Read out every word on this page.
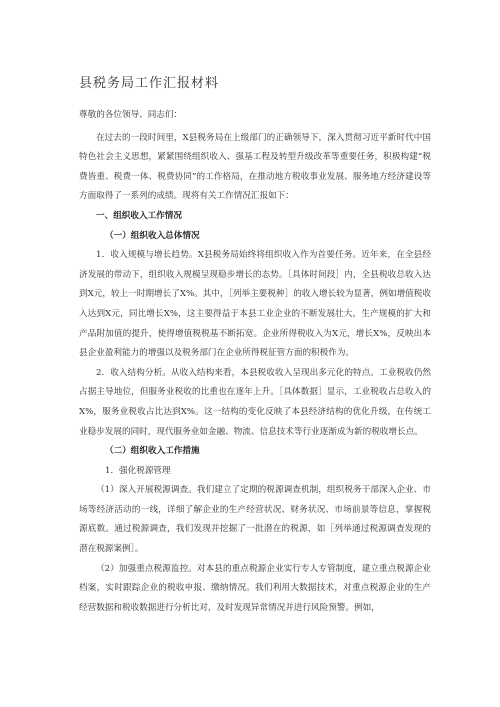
县税务局工作汇报材料

尊敬的各位领导、同志们：

在过去的一段时间里，X县税务局在上级部门的正确领导下，深入贯彻习近平新时代中国特色社会主义思想，紧紧围绕组织收入、强基工程及转型升级改革等重要任务，积极构建“税费皆重、税费一体、税费协同”的工作格局，在推动地方税收事业发展、服务地方经济建设等方面取得了一系列的成绩。现将有关工作情况汇报如下：

一、组织收入工作情况

（一）组织收入总体情况

1．收入规模与增长趋势。X县税务局始终将组织收入作为首要任务。近年来，在全县经济发展的带动下，组织收入规模呈现稳步增长的态势。［具体时间段］内，全县税收总收入达到X元，较上一时期增长了X%。其中，［列举主要税种］的收入增长较为显著，例如增值税收入达到X元，同比增长X%，这主要得益于本县工业企业的不断发展壮大，生产规模的扩大和产品附加值的提升，使得增值税税基不断拓宽。企业所得税收入为X元，增长X%，反映出本县企业盈利能力的增强以及税务部门在企业所得税征管方面的积极作为。

2．收入结构分析。从收入结构来看，本县税收收入呈现出多元化的特点。工业税收仍然占据主导地位，但服务业税收的比重也在逐年上升。［具体数据］显示，工业税收占总收入的X%，服务业税收占比达到X%。这一结构的变化反映了本县经济结构的优化升级，在传统工业稳步发展的同时，现代服务业如金融、物流、信息技术等行业逐渐成为新的税收增长点。

（二）组织收入工作措施

1．强化税源管理

（1）深入开展税源调查。我们建立了定期的税源调查机制，组织税务干部深入企业、市场等经济活动的一线，详细了解企业的生产经营状况、财务状况、市场前景等信息，掌握税源底数。通过税源调查，我们发现并挖掘了一批潜在的税源，如［列举通过税源调查发现的潜在税源案例］。

（2）加强重点税源监控。对本县的重点税源企业实行专人专管制度，建立重点税源企业档案，实时跟踪企业的税收申报、缴纳情况。我们利用大数据技术，对重点税源企业的生产经营数据和税收数据进行分析比对，及时发现异常情况并进行风险预警。例如，
